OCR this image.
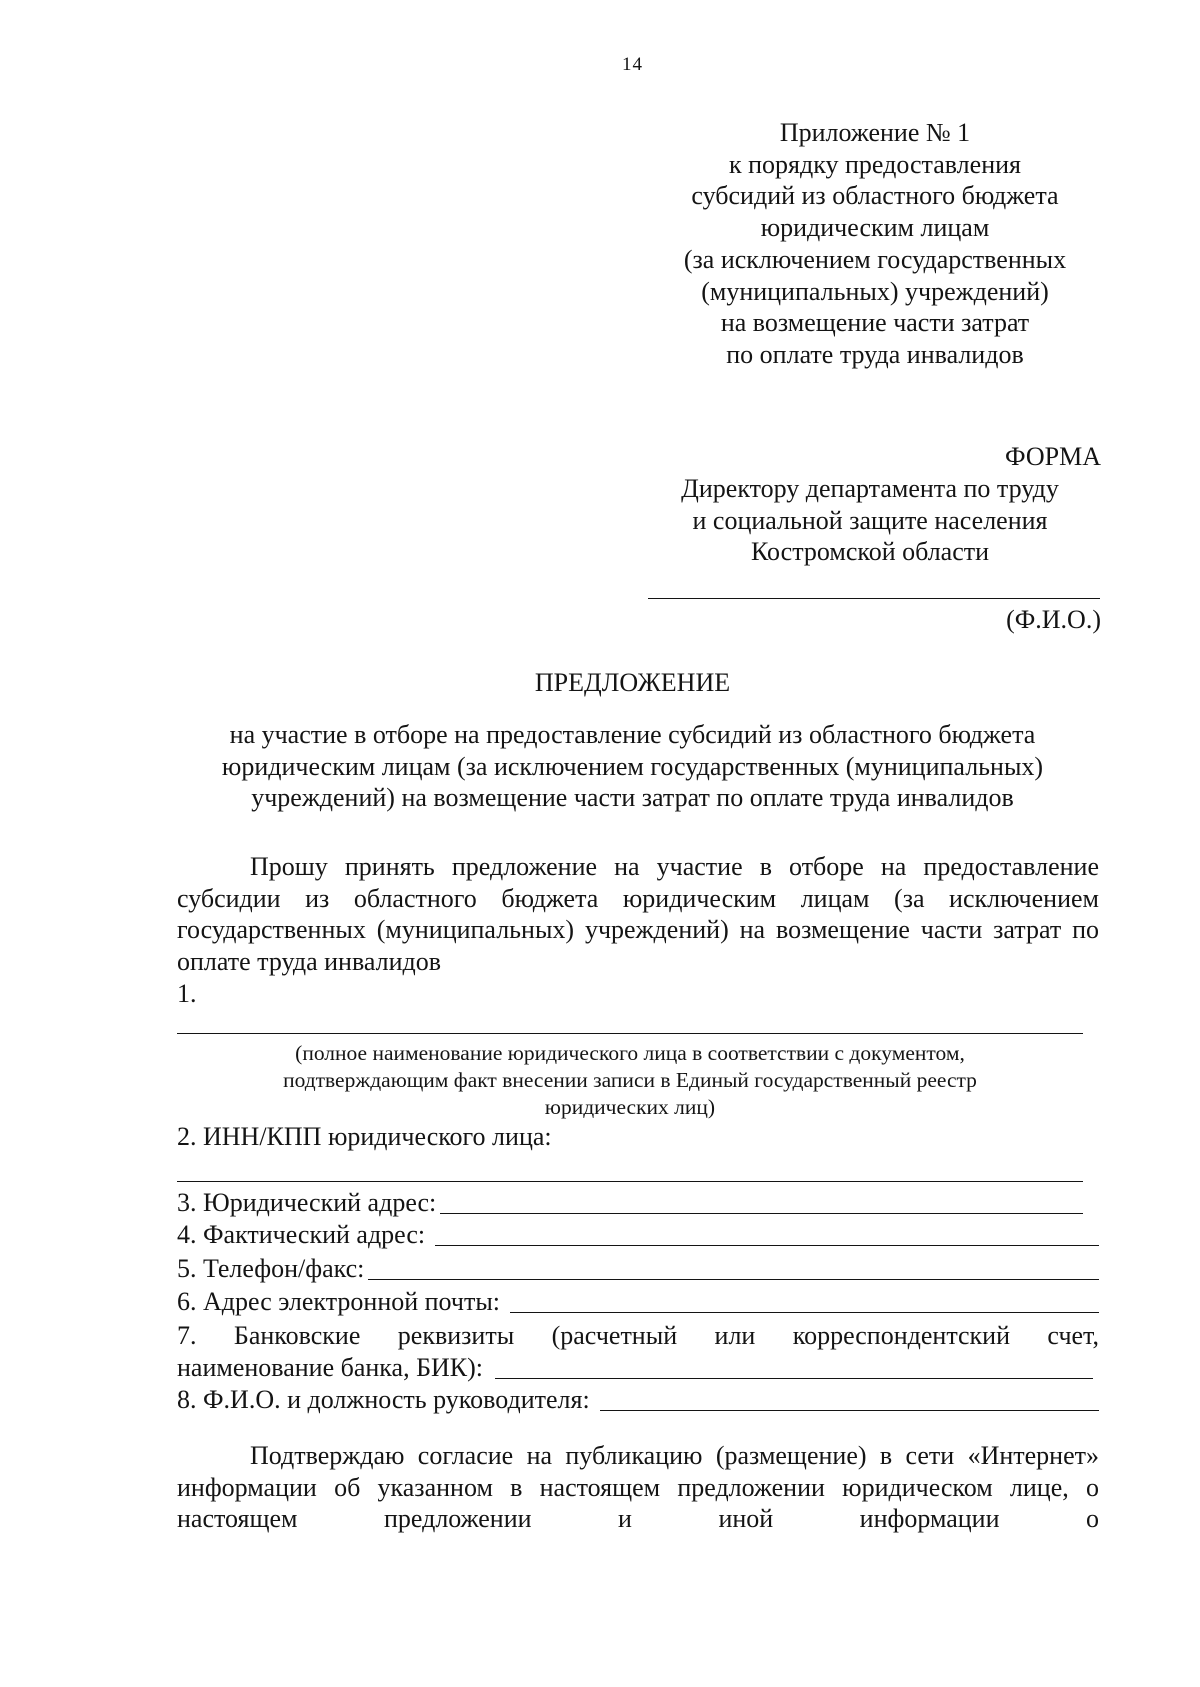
14
Приложение № 1
к порядку предоставления
субсидий из областного бюджета
юридическим лицам
(за исключением государственных
(муниципальных) учреждений)
на возмещение части затрат
по оплате труда инвалидов
ФОРМА
Директору департамента по труду
и социальной защите населения
Костромской области
(Ф.И.О.)
ПРЕДЛОЖЕНИЕ
на участие в отборе на предоставление субсидий из областного бюджета
юридическим лицам (за исключением государственных (муниципальных)
учреждений) на возмещение части затрат по оплате труда инвалидов
Прошу принять предложение на участие в отборе на предоставление субсидии из областного бюджета юридическим лицам (за исключением государственных (муниципальных) учреждений) на возмещение части затрат по оплате труда инвалидов
1.
(полное наименование юридического лица в соответствии с документом,
подтверждающим факт внесении записи в Единый государственный реестр
юридических лиц)
2. ИНН/КПП юридического лица:
3. Юридический адрес:
4. Фактический адрес:
5. Телефон/факс:
6. Адрес электронной почты:
7. Банковские реквизиты (расчетный или корреспондентский счет,
наименование банка, БИК):
8. Ф.И.О. и должность руководителя:
Подтверждаю согласие на публикацию (размещение) в сети «Интернет» информации об указанном в настоящем предложении юридическом лице, о настоящем предложении и иной информации о
